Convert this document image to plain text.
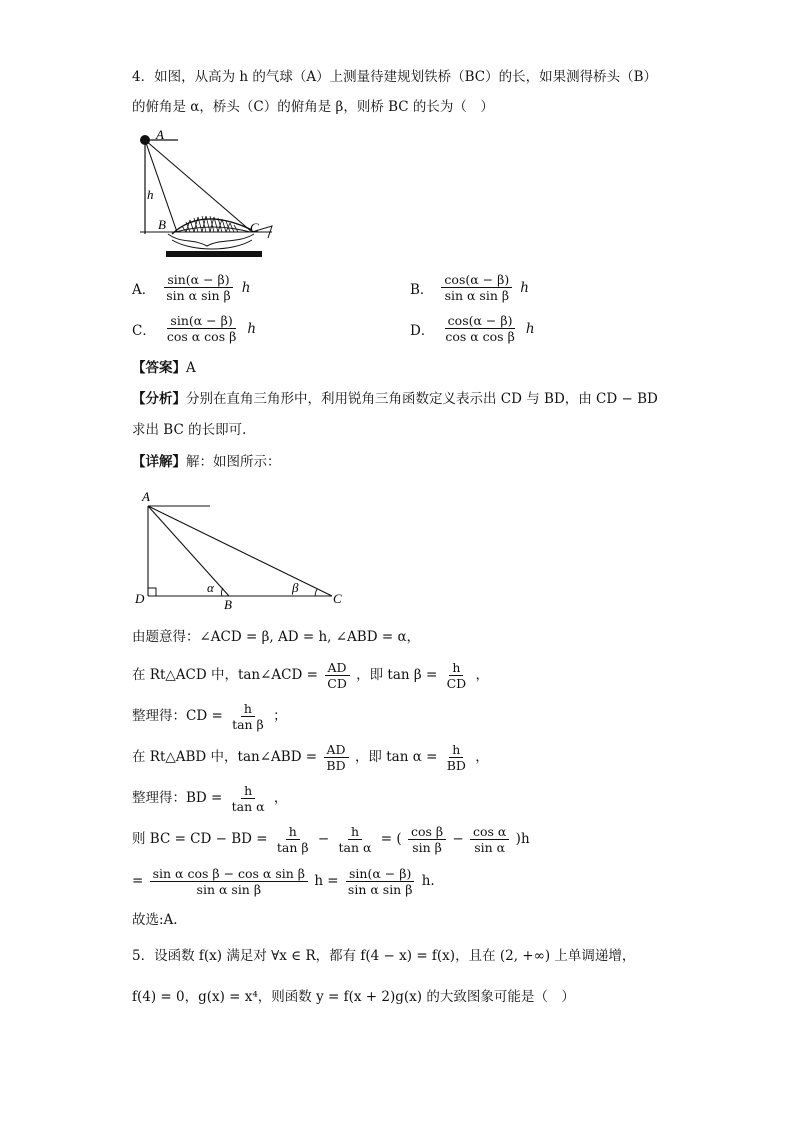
4．如图，从高为 h 的气球（A）上测量待建规划铁桥（BC）的长，如果测得桥头（B）
的俯角是 α，桥头（C）的俯角是 β，则桥 BC 的长为（　）
A
h
B	C
A． $\frac{\sin(\alpha - \beta)}{\text{sin α sin β}}$ h	B． $\frac{\cos(\alpha - \beta)}{\text{sin α sin β}}$ h
C． $\frac{\sin(\alpha - \beta)}{\text{cos α cos β}}$ h	D． $\frac{\cos(\alpha - \beta)}{\text{cos α cos β}}$ h
【答案】A
【分析】分别在直角三角形中，利用锐角三角函数定义表示出 CD 与 BD，由 CD − BD
求出 BC 的长即可.
【详解】解：如图所示：
A
D	B	C
α	β
由题意得：∠ACD = β, AD = h, ∠ABD = α，
在 Rt△ACD 中，tan∠ACD = $\frac{AD}{CD}$ ，即 $\tan \beta = \frac{h}{CD}$ ，
整理得：CD = $\frac{h}{\text{tan β}}$ ；
在 Rt△ABD 中，tan∠ABD = $\frac{AD}{BD}$ ，即 $\tan \alpha = \frac{h}{BD}$ ，
整理得：BD = $\frac{h}{\text{tan α}}$ ，
则 BC = CD − BD = $\frac{h}{\text{tan β}} - \frac{h}{\text{tan α}}$ = ( $\frac{\text{cos β}}{\text{sin β}} - \frac{\text{cos α}}{\text{sin α}} )h$
= $\frac{\text{sin α cos β − cos α sin β}}{\text{sin α sin β}}$ $h = \frac{\sin(\alpha - \beta)}{\text{sin α sin β}} h$.
故选:A.
5．设函数 f(x) 满足对 ∀x ∈ R，都有 f(4 − x) = f(x)，且在 (2, +∞) 上单调递增，
f(4) = 0，g(x) = x⁴，则函数 y = f(x + 2)g(x) 的大致图象可能是（　）
